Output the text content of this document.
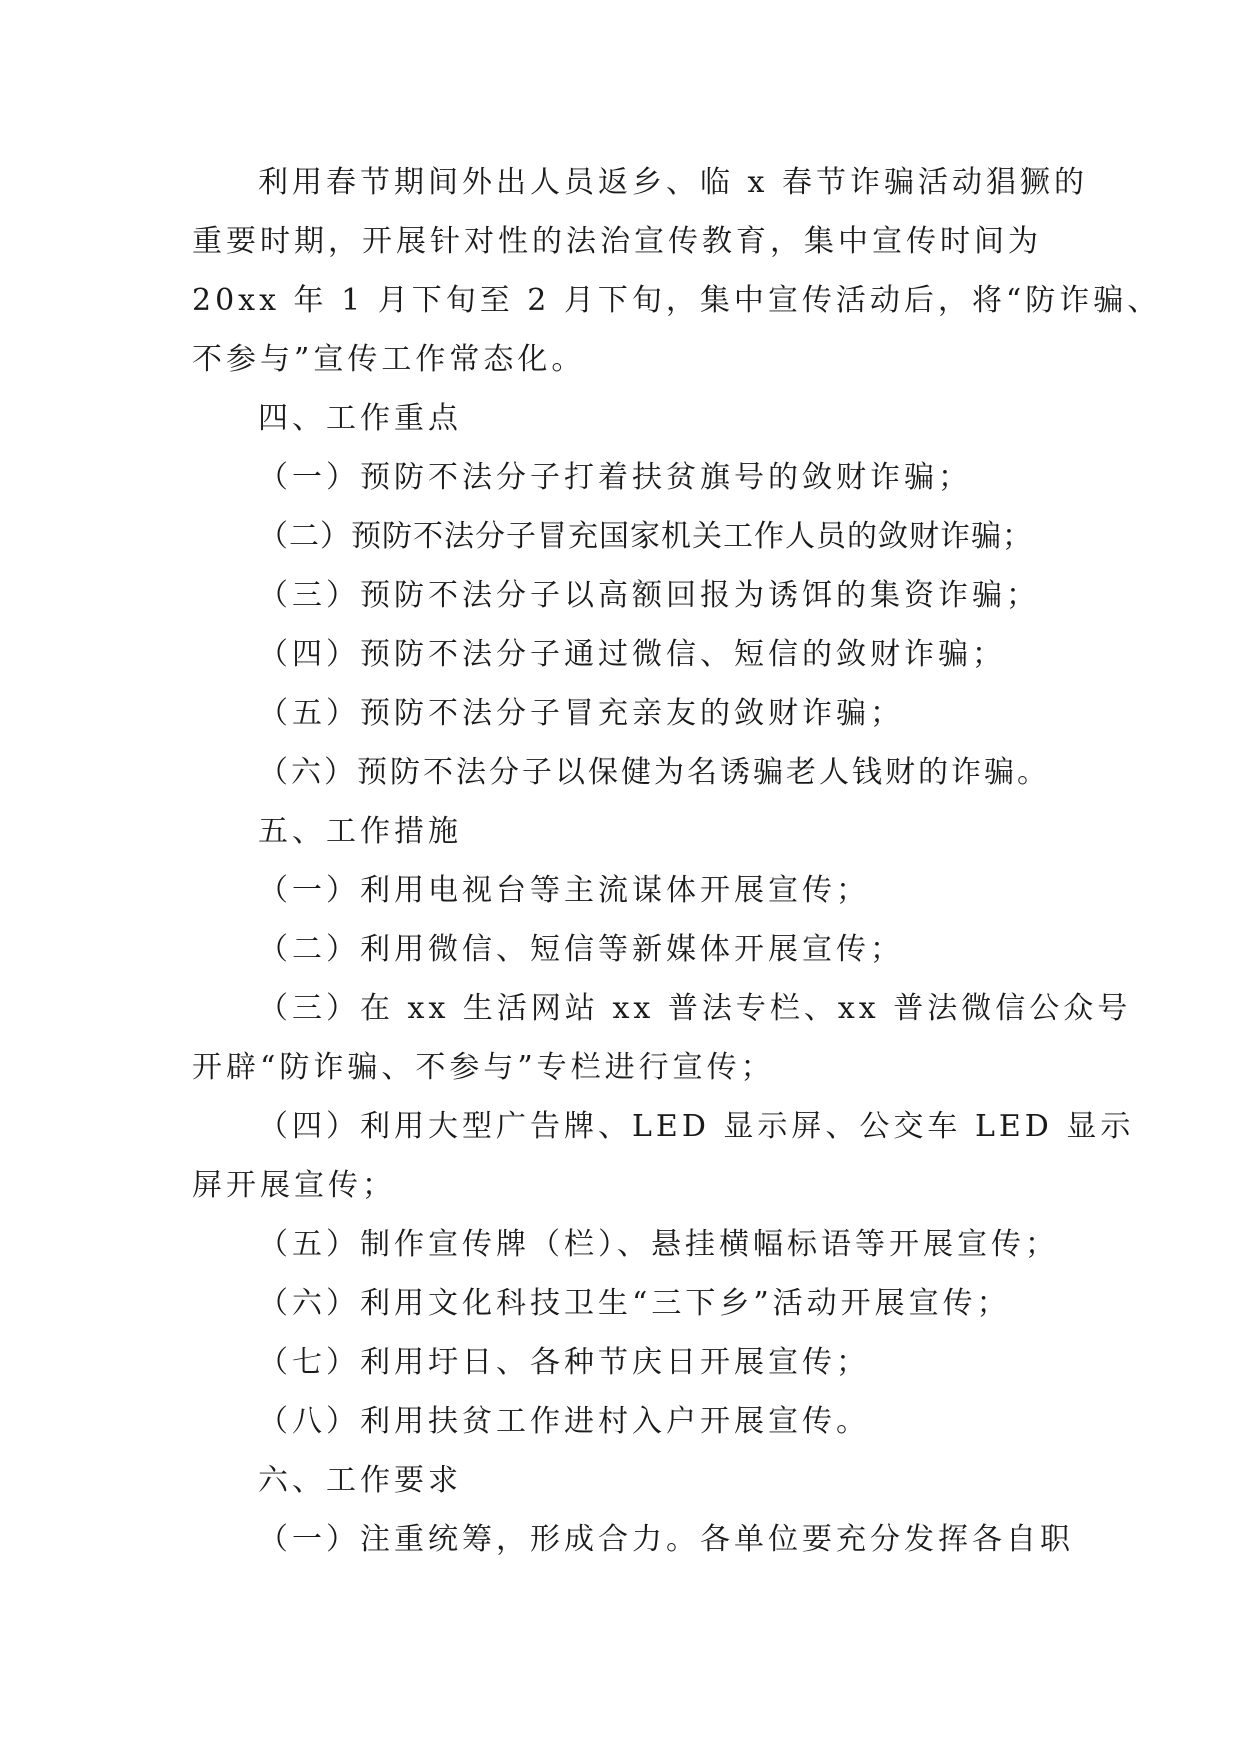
利用春节期间外出人员返乡、临 x 春节诈骗活动猖獗的
重要时期，开展针对性的法治宣传教育，集中宣传时间为
20xx 年 1 月下旬至 2 月下旬，集中宣传活动后，将“防诈骗、
不参与”宣传工作常态化。
四、工作重点
（一）预防不法分子打着扶贫旗号的敛财诈骗；
（二）预防不法分子冒充国家机关工作人员的敛财诈骗；
（三）预防不法分子以高额回报为诱饵的集资诈骗；
（四）预防不法分子通过微信、短信的敛财诈骗；
（五）预防不法分子冒充亲友的敛财诈骗；
（六）预防不法分子以保健为名诱骗老人钱财的诈骗。
五、工作措施
（一）利用电视台等主流谋体开展宣传；
（二）利用微信、短信等新媒体开展宣传；
（三）在 xx 生活网站 xx 普法专栏、xx 普法微信公众号
开辟“防诈骗、不参与”专栏进行宣传；
（四）利用大型广告牌、LED 显示屏、公交车 LED 显示
屏开展宣传；
（五）制作宣传牌（栏）、悬挂横幅标语等开展宣传；
（六）利用文化科技卫生“三下乡”活动开展宣传；
（七）利用圩日、各种节庆日开展宣传；
（八）利用扶贫工作进村入户开展宣传。
六、工作要求
（一）注重统筹，形成合力。各单位要充分发挥各自职
